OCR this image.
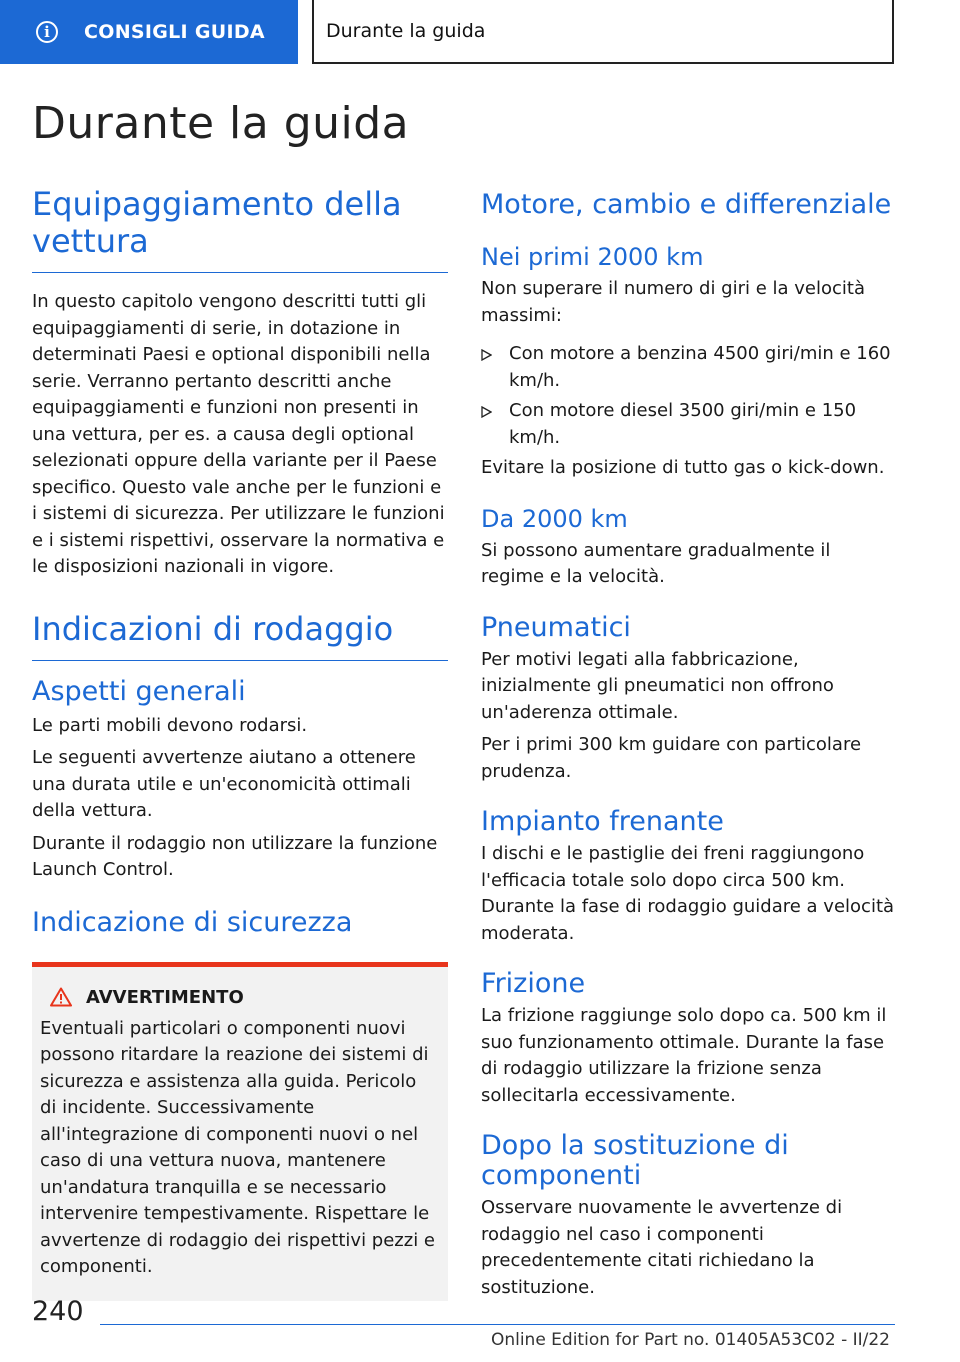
i	CONSIGLI GUIDA	Durante la guida
Durante la guida
Equipaggiamento della vettura

In questo capitolo vengono descritti tutti gli equipaggiamenti di serie, in dotazione in determinati Paesi e optional disponibili nella serie. Verranno pertanto descritti anche equipaggiamenti e funzioni non presenti in una vettura, per es. a causa degli optional selezionati oppure della variante per il Paese specifico. Questo vale anche per le funzioni e i sistemi di sicurezza. Per utilizzare le funzioni e i sistemi rispettivi, osservare la normativa e le disposizioni nazionali in vigore.

Indicazioni di rodaggio
Aspetti generali

Le parti mobili devono rodarsi.

Le seguenti avvertenze aiutano a ottenere una durata utile e un'economicità ottimali della vettura.

Durante il rodaggio non utilizzare la funzione Launch Control.

Indicazione di sicurezza
AVVERTIMENTO

Eventuali particolari o componenti nuovi possono ritardare la reazione dei sistemi di sicurezza e assistenza alla guida. Pericolo di incidente. Successivamente all'integrazione di componenti nuovi o nel caso di una vettura nuova, mantenere un'andatura tranquilla e se necessario intervenire tempestivamente. Rispettare le avvertenze di rodaggio dei rispettivi pezzi e componenti.

Motore, cambio e differenziale
Nei primi 2000 km

Non superare il numero di giri e la velocità massimi:

Con motore a benzina 4500 giri/min e 160 km/h.
Con motore diesel 3500 giri/min e 150 km/h.

Evitare la posizione di tutto gas o kick-down.

Da 2000 km

Si possono aumentare gradualmente il regime e la velocità.

Pneumatici

Per motivi legati alla fabbricazione, inizialmente gli pneumatici non offrono un'aderenza ottimale.

Per i primi 300 km guidare con particolare prudenza.

Impianto frenante

I dischi e le pastiglie dei freni raggiungono l'efficacia totale solo dopo circa 500 km. Durante la fase di rodaggio guidare a velocità moderata.

Frizione

La frizione raggiunge solo dopo ca. 500 km il suo funzionamento ottimale. Durante la fase di rodaggio utilizzare la frizione senza sollecitarla eccessivamente.

Dopo la sostituzione di componenti

Osservare nuovamente le avvertenze di rodaggio nel caso i componenti precedentemente citati richiedano la sostituzione.

240
Online Edition for Part no. 01405A53C02 - II/22
